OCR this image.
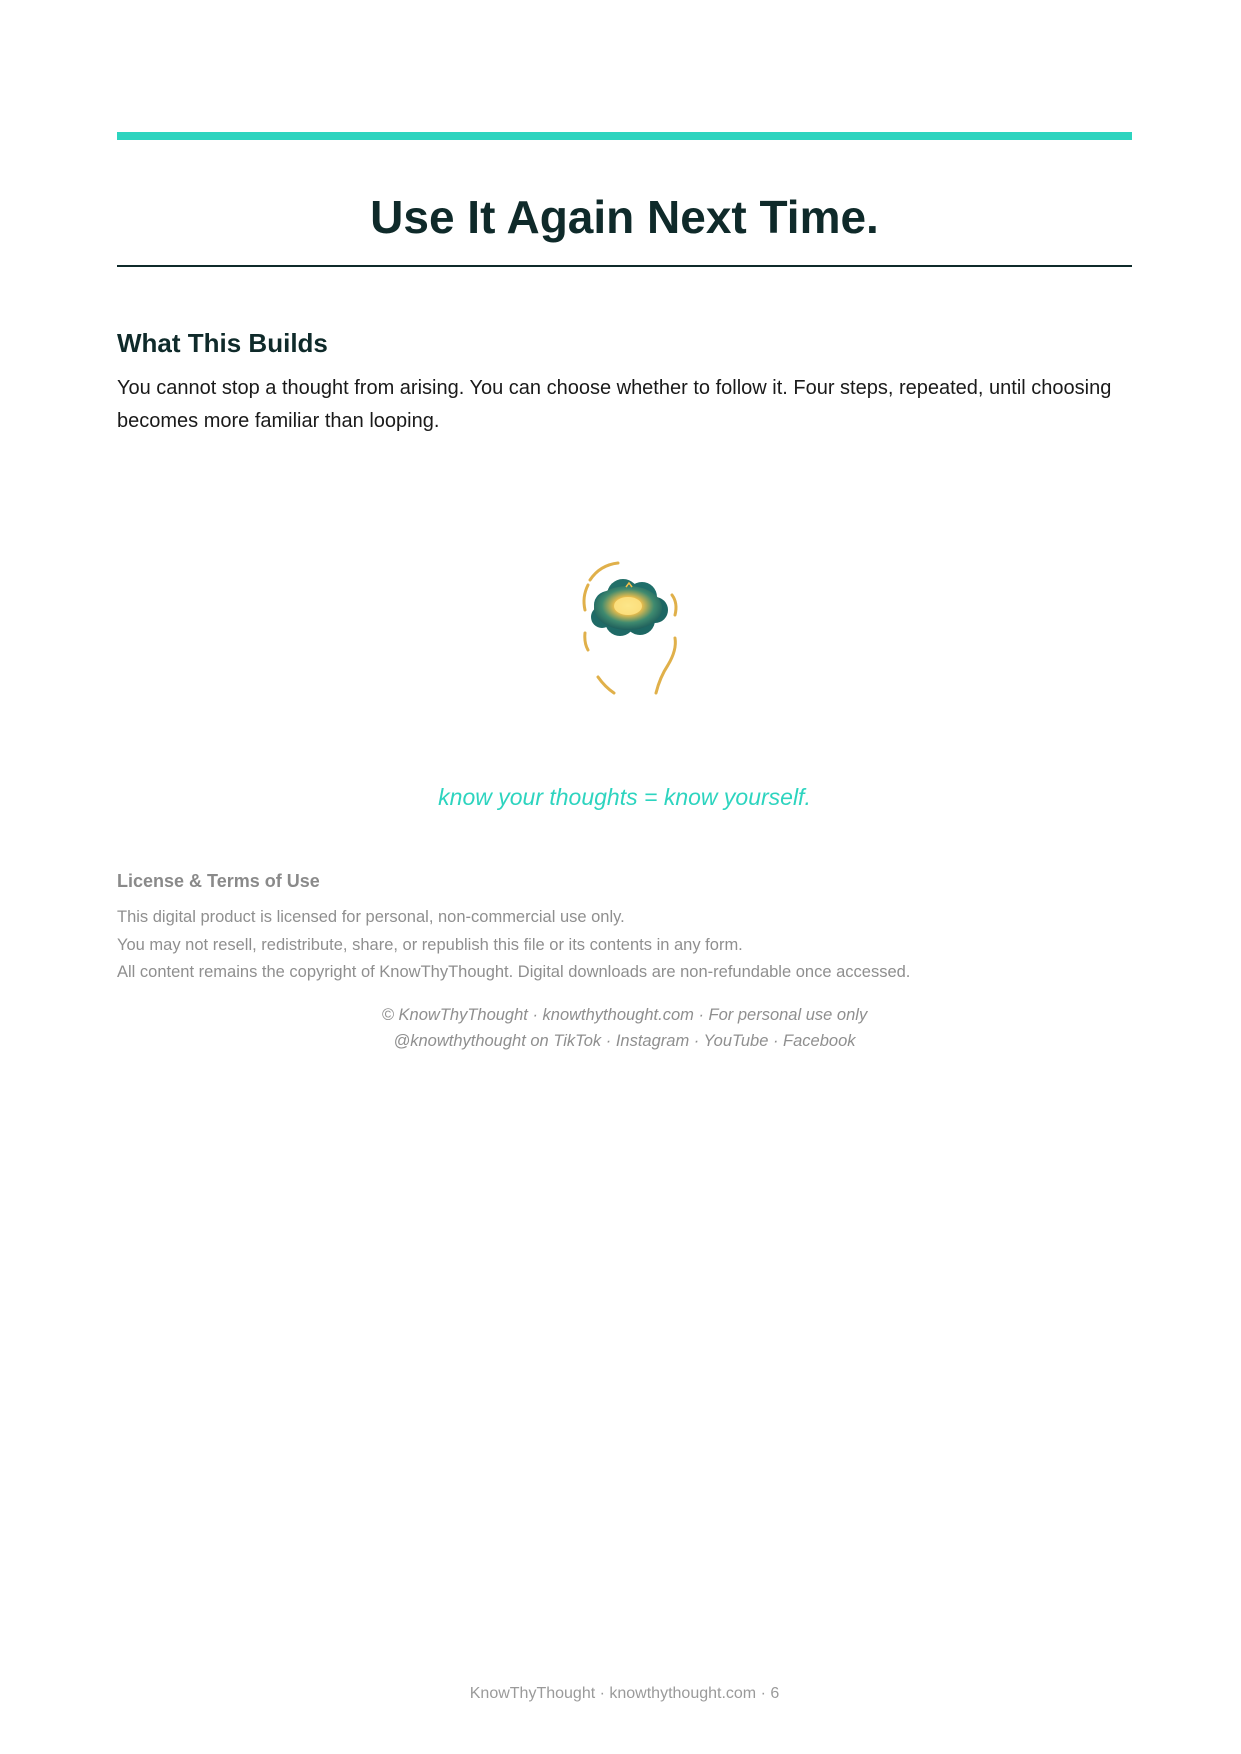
Use It Again Next Time.
What This Builds

You cannot stop a thought from arising. You can choose whether to follow it. Four steps, repeated, until choosing becomes more familiar than looping.

know your thoughts = know yourself.
License & Terms of Use
This digital product is licensed for personal, non-commercial use only.
You may not resell, redistribute, share, or republish this file or its contents in any form.
All content remains the copyright of KnowThyThought. Digital downloads are non-refundable once accessed.
© KnowThyThought · knowthythought.com · For personal use only
@knowthythought on TikTok · Instagram · YouTube · Facebook
KnowThyThought · knowthythought.com · 6
